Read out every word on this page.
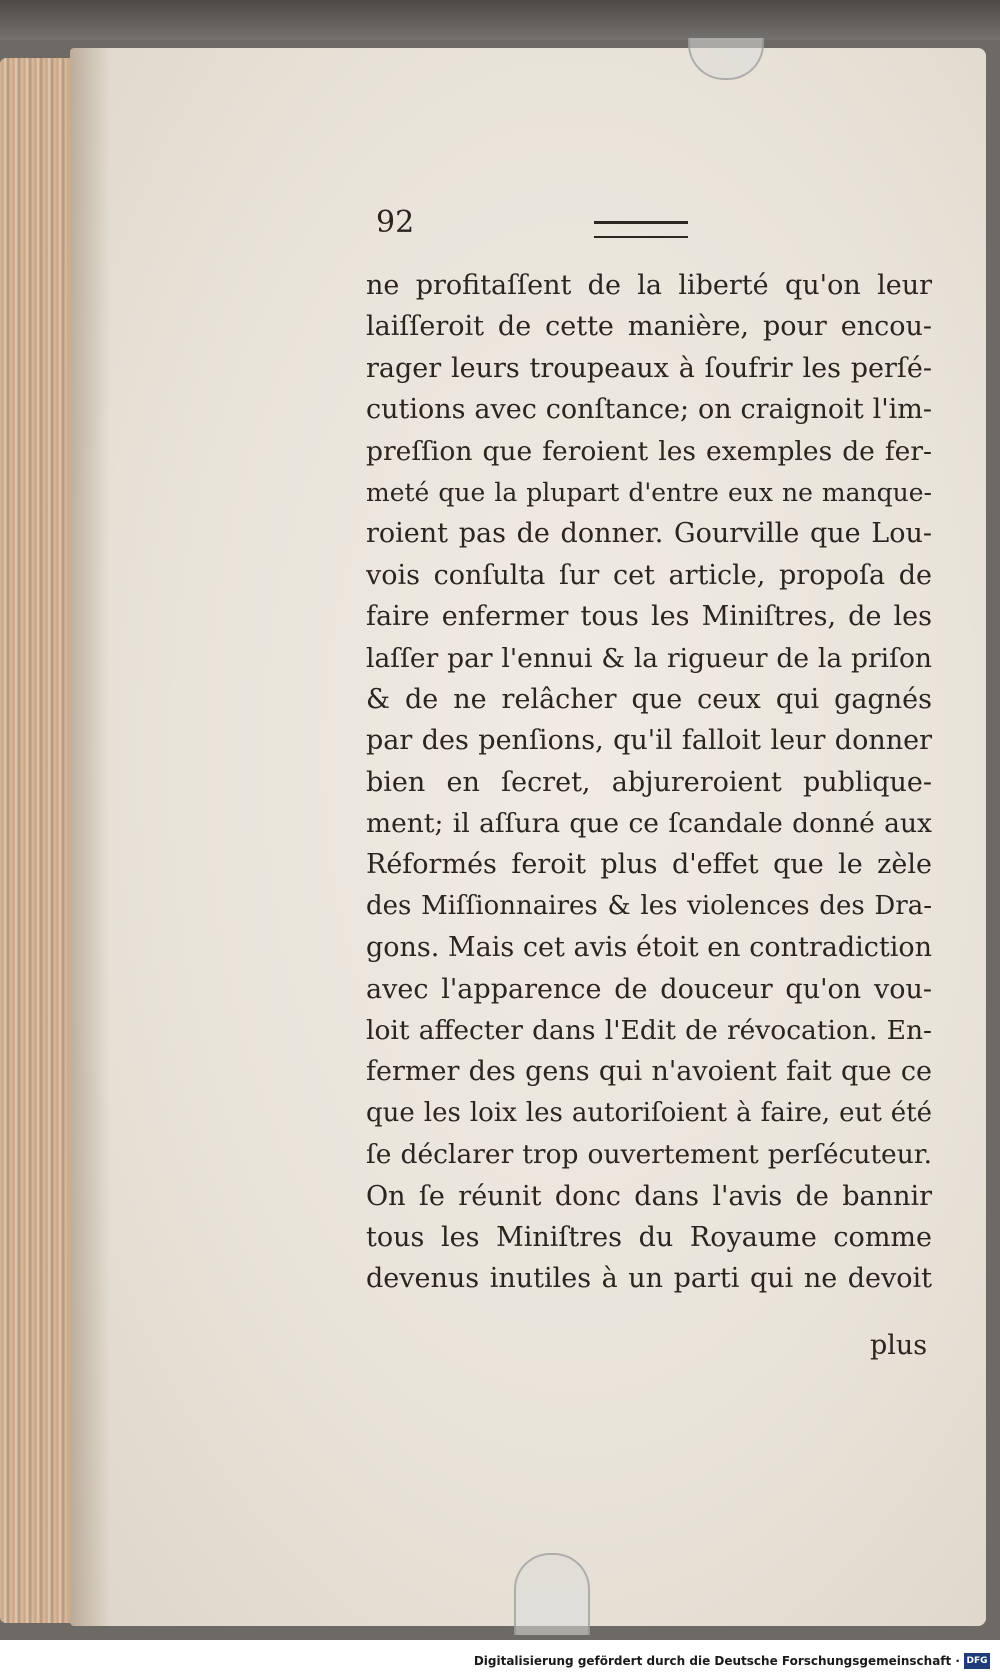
92
ne profitaſſent de la liberté qu'on leur
laiſſeroit de cette manière, pour encou-
rager leurs troupeaux à ſoufrir les perſé-
cutions avec conſtance; on craignoit l'im-
preſſion que feroient les exemples de fer-
meté que la plupart d'entre eux ne manque-
roient pas de donner. Gourville que Lou-
vois conſulta ſur cet article, propoſa de
faire enfermer tous les Miniſtres, de les
laſſer par l'ennui & la rigueur de la priſon
& de ne relâcher que ceux qui gagnés
par des penſions, qu'il falloit leur donner
bien en ſecret, abjureroient publique-
ment; il aſſura que ce ſcandale donné aux
Réformés feroit plus d'effet que le zèle
des Miſſionnaires & les violences des Dra-
gons. Mais cet avis étoit en contradiction
avec l'apparence de douceur qu'on vou-
loit affecter dans l'Edit de révocation. En-
fermer des gens qui n'avoient fait que ce
que les loix les autoriſoient à faire, eut été
ſe déclarer trop ouvertement perſécuteur.
On ſe réunit donc dans l'avis de bannir
tous les Miniſtres du Royaume comme
devenus inutiles à un parti qui ne devoit
plus
Digitalisierung gefördert durch die Deutsche Forschungsgemeinschaft · DFG
